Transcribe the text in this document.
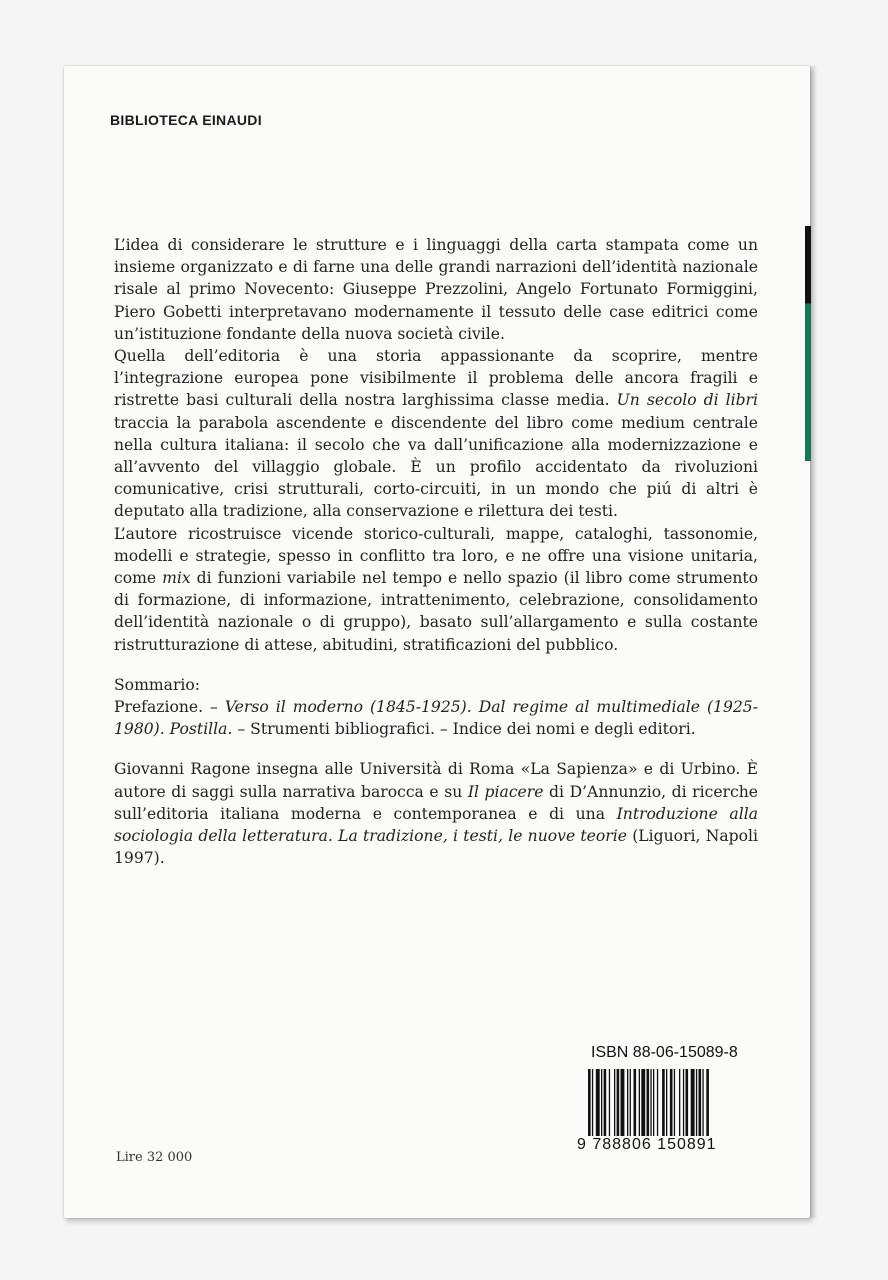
BIBLIOTECA EINAUDI

L’idea di considerare le strutture e i linguaggi della carta stampata come un insieme organizzato e di farne una delle grandi narrazioni dell’identità nazionale risale al primo Novecento: Giuseppe Prezzolini, Angelo Fortunato Formiggini, Piero Gobetti interpretavano modernamente il tessuto delle case editrici come un’istituzione fondante della nuova società civile.

Quella dell’editoria è una storia appassionante da scoprire, mentre l’integrazione europea pone visibilmente il problema delle ancora fragili e ristrette basi culturali della nostra larghissima classe media. Un secolo di libri traccia la parabola ascendente e discendente del libro come medium centrale nella cultura italiana: il secolo che va dall’unificazione alla modernizzazione e all’avvento del villaggio globale. È un profilo accidentato da rivoluzioni comunicative, crisi strutturali, corto-circuiti, in un mondo che piú di altri è deputato alla tradizione, alla conservazione e rilettura dei testi.

L’autore ricostruisce vicende storico-culturali, mappe, cataloghi, tassonomie, modelli e strategie, spesso in conflitto tra loro, e ne offre una visione unitaria, come mix di funzioni variabile nel tempo e nello spazio (il libro come strumento di formazione, di informazione, intrattenimento, celebrazione, consolidamento dell’identità nazionale o di gruppo), basato sull’allargamento e sulla costante ristrutturazione di attese, abitudini, stratificazioni del pubblico.

Sommario:

Prefazione. – Verso il moderno (1845-1925). Dal regime al multimediale (1925-1980). Postilla. – Strumenti bibliografici. – Indice dei nomi e degli editori.

Giovanni Ragone insegna alle Università di Roma «La Sapienza» e di Urbino. È autore di saggi sulla narrativa barocca e su Il piacere di D’Annunzio, di ricerche sull’editoria italiana moderna e contemporanea e di una Introduzione alla sociologia della letteratura. La tradizione, i testi, le nuove teorie (Liguori, Napoli 1997).

ISBN 88-06-15089-8
9 788806 150891
Lire 32 000
